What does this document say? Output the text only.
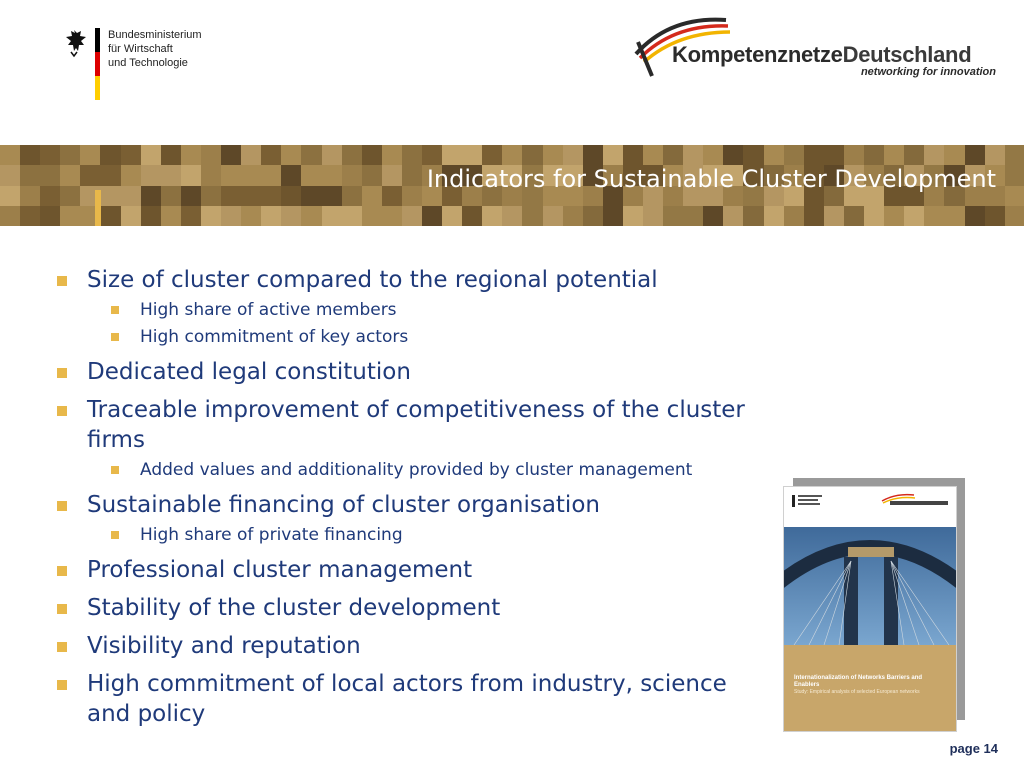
Bundesministerium
für Wirtschaft
und Technologie	KompetenznetzeDeutschland
networking for innovation
Indicators for Sustainable Cluster Development
Size of cluster compared to the regional potential
High share of active members
High commitment of key actors
Dedicated legal constitution
Traceable improvement of competitiveness of the cluster firms
Added values and additionality provided by cluster management
Sustainable financing of cluster organisation
High share of private financing
Professional cluster management
Stability of the cluster development
Visibility and reputation
High commitment of local actors from industry, science and policy
Internationalization of Networks Barriers and Enablers
Study: Empirical analysis of selected European networks
page 14
